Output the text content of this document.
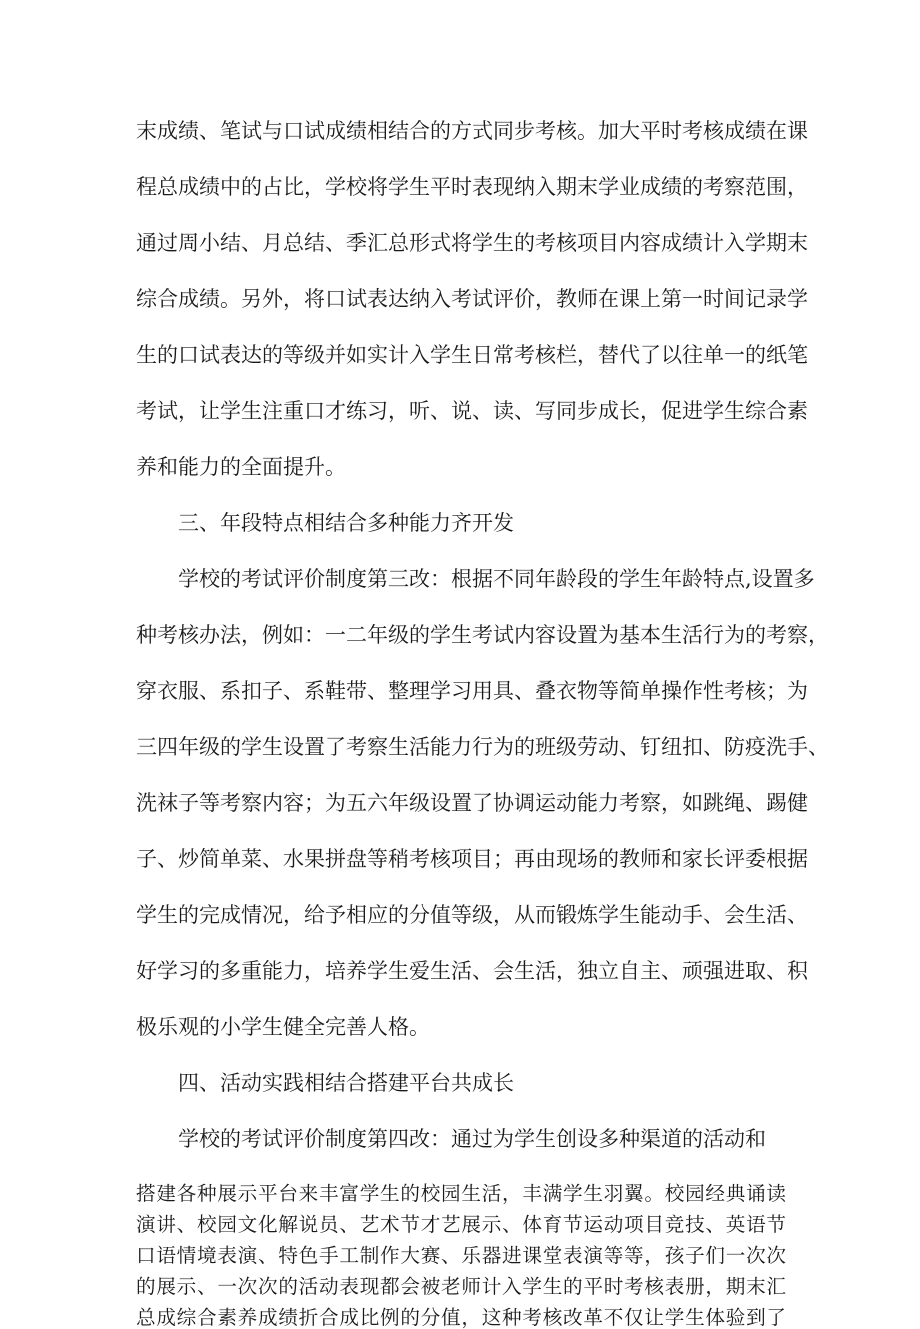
末成绩、笔试与口试成绩相结合的方式同步考核。加大平时考核成绩在课

程总成绩中的占比，学校将学生平时表现纳入期末学业成绩的考察范围，

通过周小结、月总结、季汇总形式将学生的考核项目内容成绩计入学期末

综合成绩。另外，将口试表达纳入考试评价，教师在课上第一时间记录学

生的口试表达的等级并如实计入学生日常考核栏，替代了以往单一的纸笔

考试，让学生注重口才练习，听、说、读、写同步成长，促进学生综合素

养和能力的全面提升。

三、年段特点相结合多种能力齐开发

学校的考试评价制度第三改：根据不同年龄段的学生年龄特点,设置多

种考核办法，例如：一二年级的学生考试内容设置为基本生活行为的考察，

穿衣服、系扣子、系鞋带、整理学习用具、叠衣物等简单操作性考核；为

三四年级的学生设置了考察生活能力行为的班级劳动、钉纽扣、防疫洗手、

洗袜子等考察内容；为五六年级设置了协调运动能力考察，如跳绳、踢健

子、炒简单菜、水果拼盘等稍考核项目；再由现场的教师和家长评委根据

学生的完成情况，给予相应的分值等级，从而锻炼学生能动手、会生活、

好学习的多重能力，培养学生爱生活、会生活，独立自主、顽强进取、积

极乐观的小学生健全完善人格。

四、活动实践相结合搭建平台共成长

学校的考试评价制度第四改：通过为学生创设多种渠道的活动和

搭建各种展示平台来丰富学生的校园生活，丰满学生羽翼。校园经典诵读

演讲、校园文化解说员、艺术节才艺展示、体育节运动项目竞技、英语节

口语情境表演、特色手工制作大赛、乐器进课堂表演等等，孩子们一次次

的展示、一次次的活动表现都会被老师计入学生的平时考核表册，期末汇

总成综合素养成绩折合成比例的分值，这种考核改革不仅让学生体验到了
